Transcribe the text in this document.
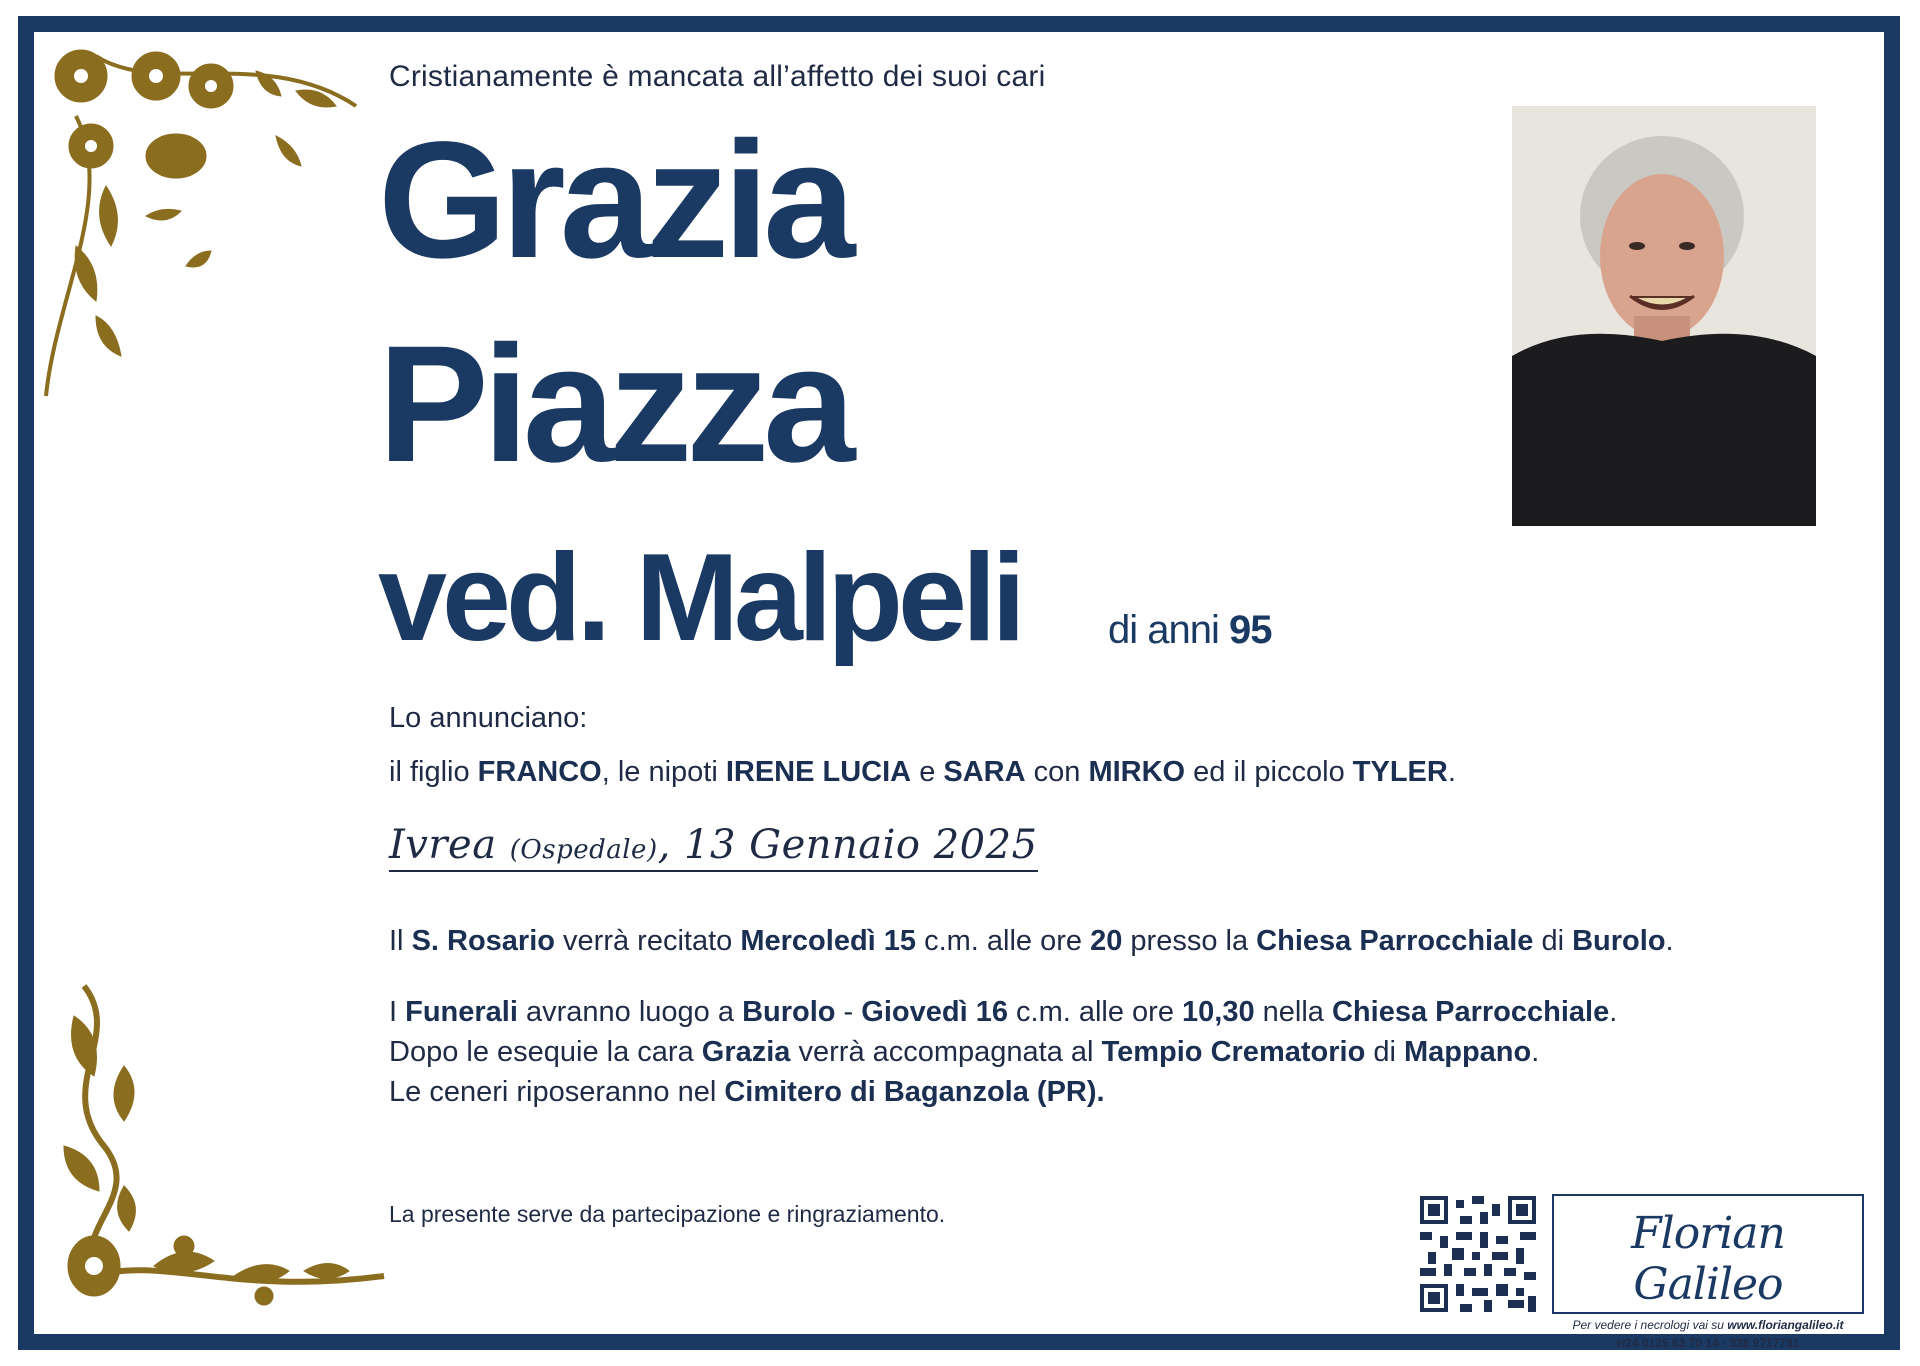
Cristianamente è mancata all’affetto dei suoi cari
Grazia
Piazza
ved. Malpeli di anni 95
Lo annunciano:
il figlio FRANCO, le nipoti IRENE LUCIA e SARA con MIRKO ed il piccolo TYLER.
Ivrea (Ospedale), 13 Gennaio 2025
Il S. Rosario verrà recitato Mercoledì 15 c.m. alle ore 20 presso la Chiesa Parrocchiale di Burolo.
I Funerali avranno luogo a Burolo - Giovedì 16 c.m. alle ore 10,30 nella Chiesa Parrocchiale.
Dopo le esequie la cara Grazia verrà accompagnata al Tempio Crematorio di Mappano.
Le ceneri riposeranno nel Cimitero di Baganzola (PR).
La presente serve da partecipazione e ringraziamento.	Florian Galileo
Per vedere i necrologi vai su www.floriangalileo.it
H24 0125 63 70 14 - 338 9717781
